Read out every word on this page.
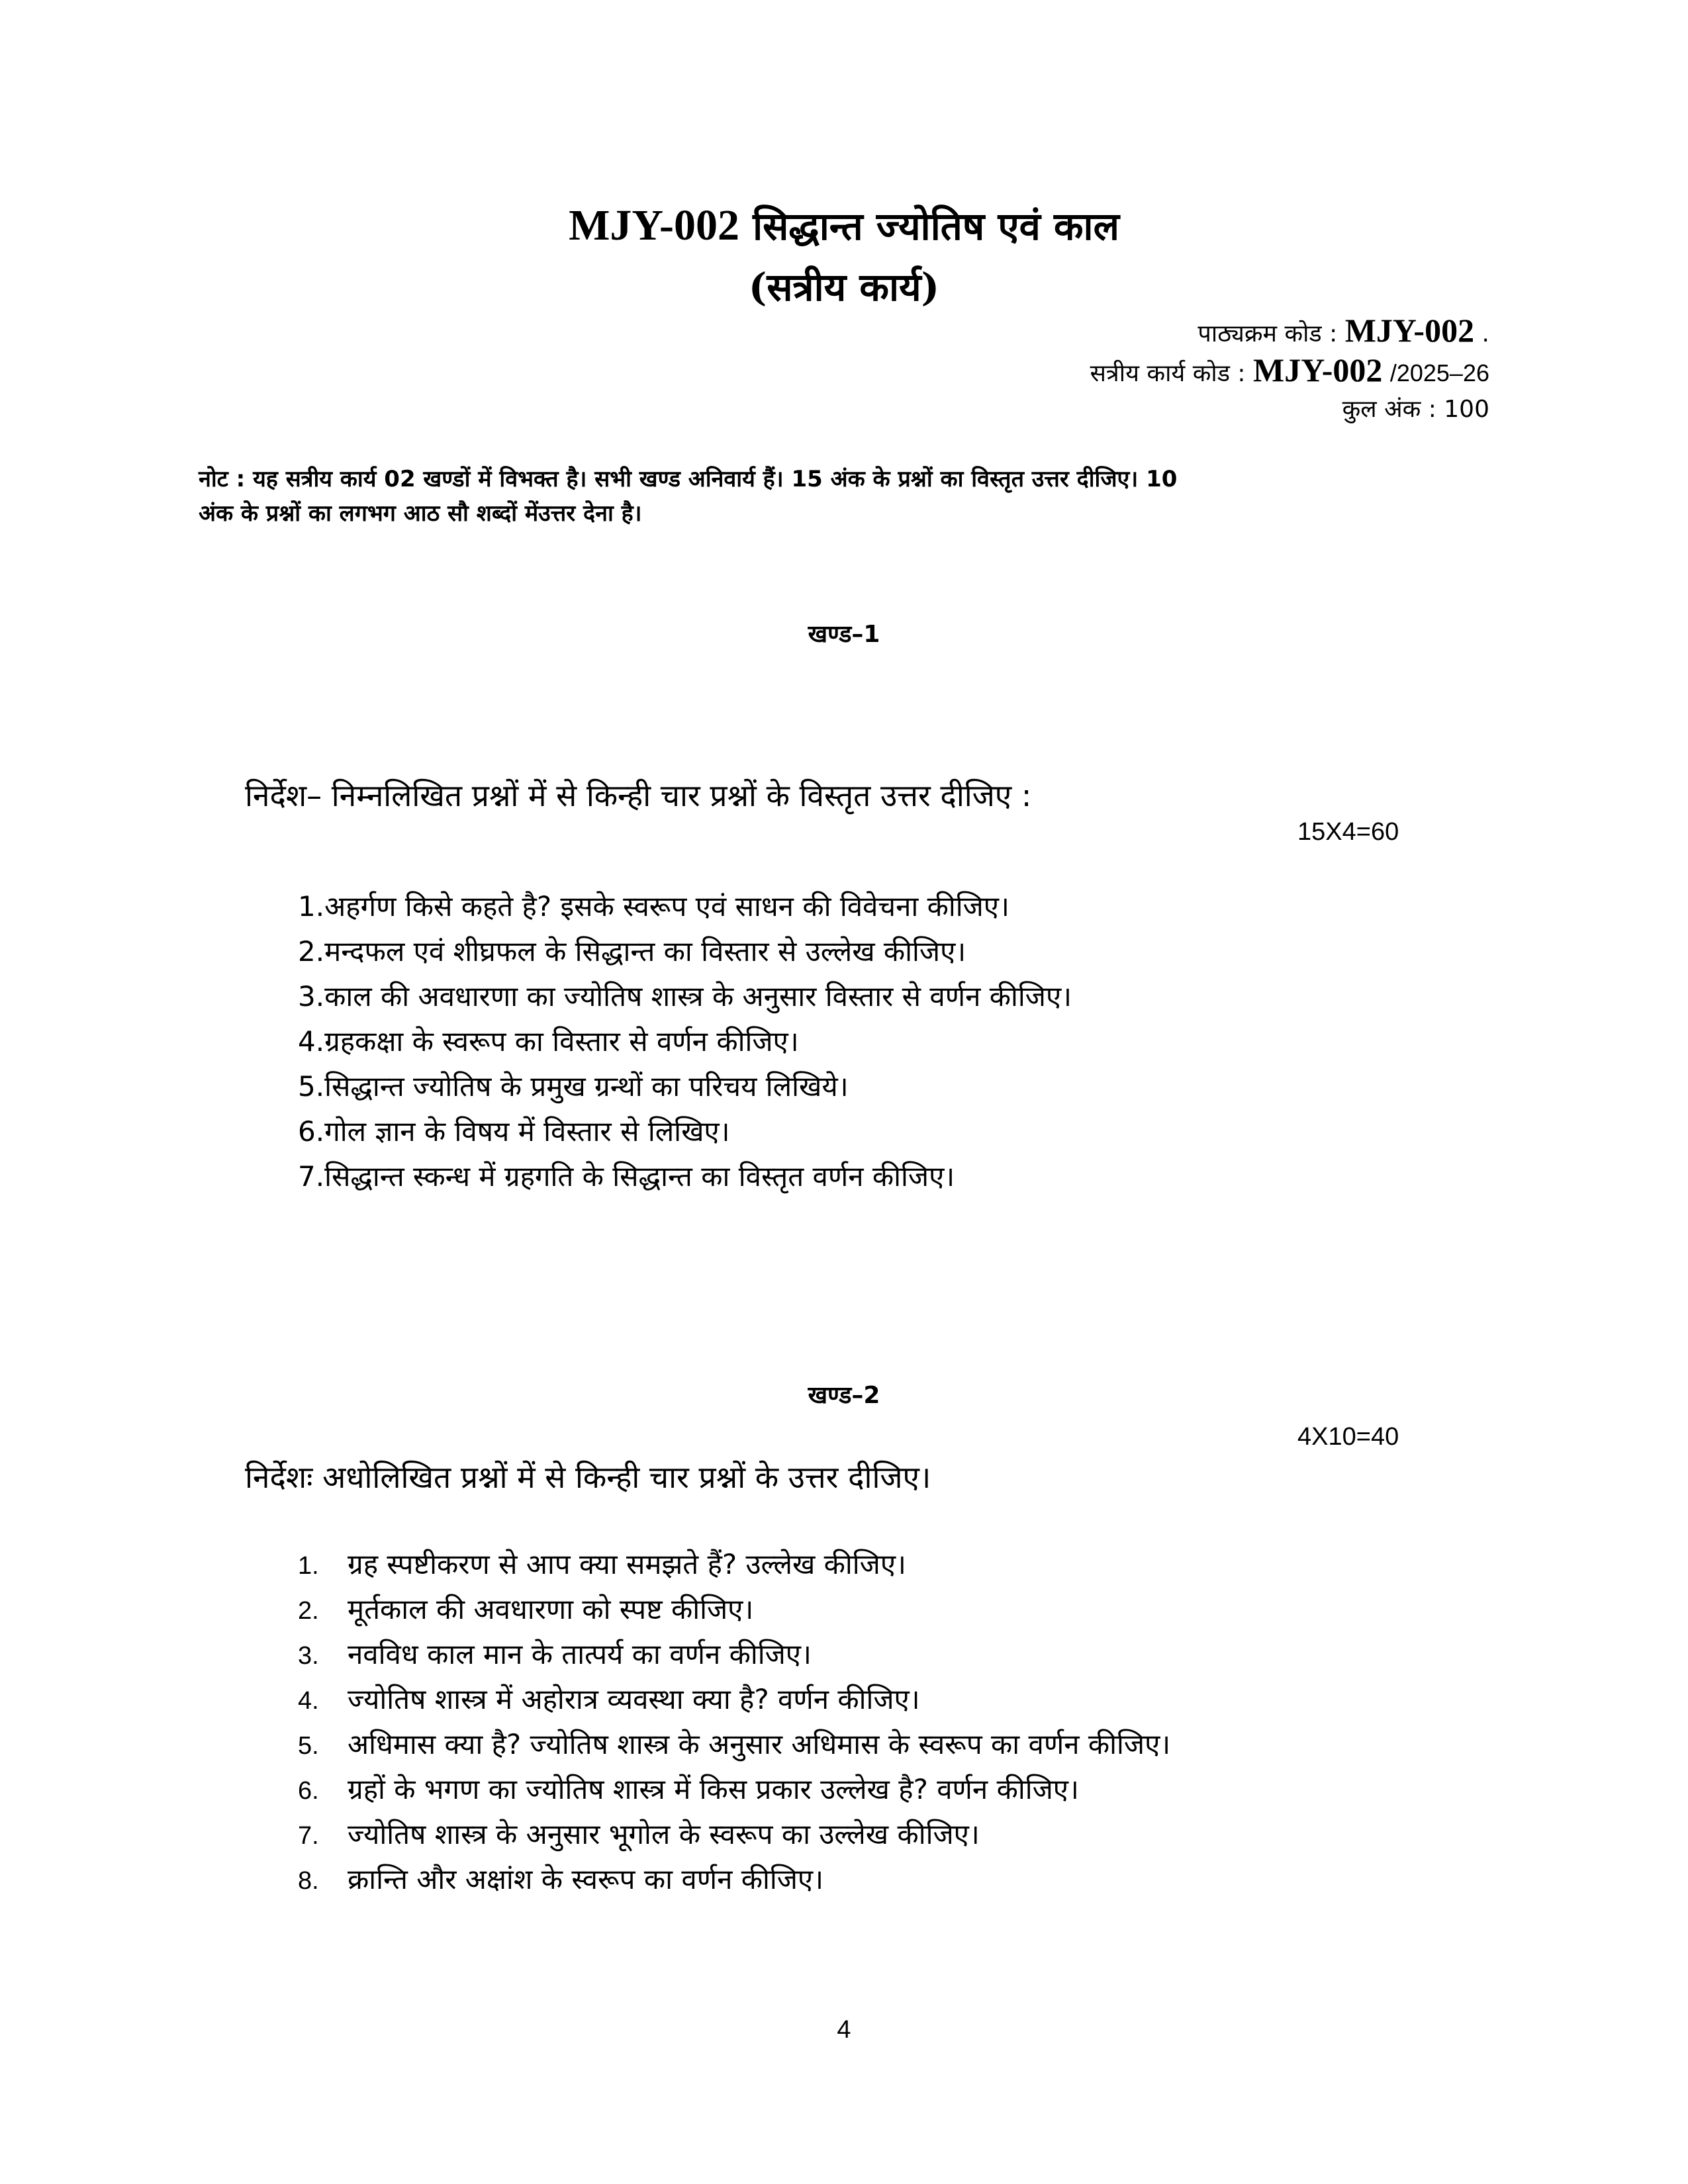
MJY-002 सिद्धान्त ज्योतिष एवं काल
(सत्रीय कार्य)
पाठ्यक्रम कोड : MJY-002 .
सत्रीय कार्य कोड : MJY-002 /2025–26
कुल अंक : 100
नोट : यह सत्रीय कार्य 02 खण्डों में विभक्त है। सभी खण्ड अनिवार्य हैं। 15 अंक के प्रश्नों का विस्तृत उत्तर दीजिए। 10
अंक के प्रश्नों का लगभग आठ सौ शब्दों मेंउत्तर देना है।
खण्ड–1
निर्देश– निम्नलिखित प्रश्नों में से किन्ही चार प्रश्नों के विस्तृत उत्तर दीजिए :
15X4=60
1.अहर्गण किसे कहते है? इसके स्वरूप एवं साधन की विवेचना कीजिए।
2.मन्दफल एवं शीघ्रफल के सिद्धान्त का विस्तार से उल्लेख कीजिए।
3.काल की अवधारणा का ज्योतिष शास्त्र के अनुसार विस्तार से वर्णन कीजिए।
4.ग्रहकक्षा के स्वरूप का विस्तार से वर्णन कीजिए।
5.सिद्धान्त ज्योतिष के प्रमुख ग्रन्थों का परिचय लिखिये।
6.गोल ज्ञान के विषय में विस्तार से लिखिए।
7.सिद्धान्त स्कन्ध में ग्रहगति के सिद्धान्त का विस्तृत वर्णन कीजिए।
खण्ड–2
4X10=40
निर्देशः अधोलिखित प्रश्नों में से किन्ही चार प्रश्नों के उत्तर दीजिए।
1. ग्रह स्पष्टीकरण से आप क्या समझते हैं? उल्लेख कीजिए।
2. मूर्तकाल की अवधारणा को स्पष्ट कीजिए।
3. नवविध काल मान के तात्पर्य का वर्णन कीजिए।
4. ज्योतिष शास्त्र में अहोरात्र व्यवस्था क्या है? वर्णन कीजिए।
5. अधिमास क्या है? ज्योतिष शास्त्र के अनुसार अधिमास के स्वरूप का वर्णन कीजिए।
6. ग्रहों के भगण का ज्योतिष शास्त्र में किस प्रकार उल्लेख है? वर्णन कीजिए।
7. ज्योतिष शास्त्र के अनुसार भूगोल के स्वरूप का उल्लेख कीजिए।
8. क्रान्ति और अक्षांश के स्वरूप का वर्णन कीजिए।
4
